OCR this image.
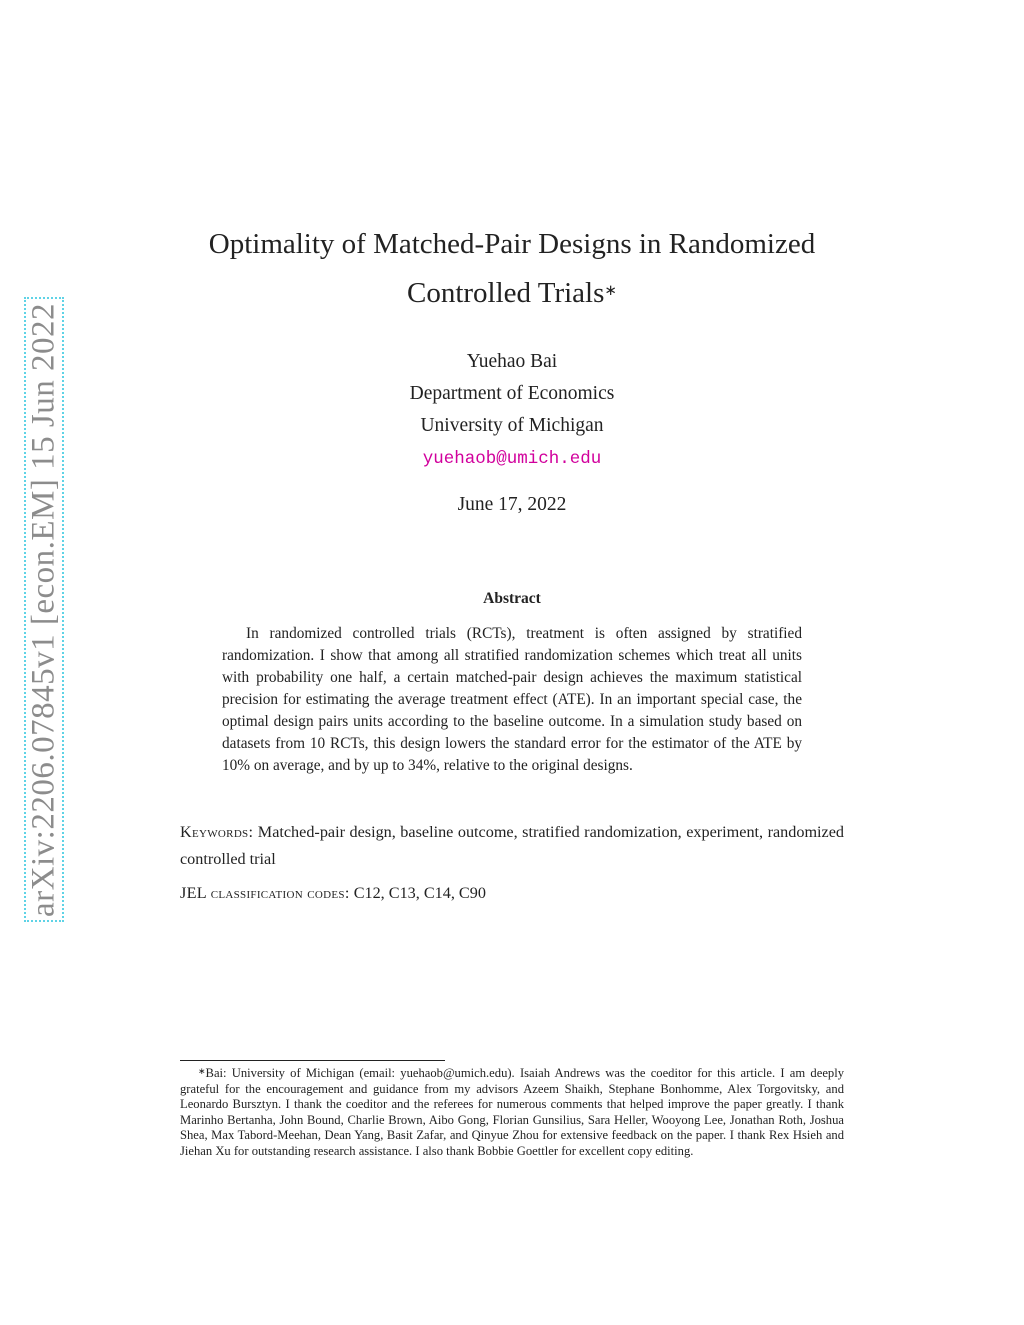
arXiv:2206.07845v1 [econ.EM] 15 Jun 2022
Optimality of Matched-Pair Designs in Randomized
Controlled Trials∗
Yuehao Bai
Department of Economics
University of Michigan
yuehaob@umich.edu
June 17, 2022
Abstract

In randomized controlled trials (RCTs), treatment is often assigned by stratified randomization. I show that among all stratified randomization schemes which treat all units with probability one half, a certain matched-pair design achieves the maximum statistical precision for estimating the average treatment effect (ATE). In an important special case, the optimal design pairs units according to the baseline outcome. In a simulation study based on datasets from 10 RCTs, this design lowers the standard error for the estimator of the ATE by 10% on average, and by up to 34%, relative to the original designs.

Keywords: Matched-pair design, baseline outcome, stratified randomization, experiment, randomized controlled trial

JEL classification codes: C12, C13, C14, C90

∗Bai: University of Michigan (email: yuehaob@umich.edu). Isaiah Andrews was the coeditor for this article. I am deeply grateful for the encouragement and guidance from my advisors Azeem Shaikh, Stephane Bonhomme, Alex Torgovitsky, and Leonardo Bursztyn. I thank the coeditor and the referees for numerous comments that helped improve the paper greatly. I thank Marinho Bertanha, John Bound, Charlie Brown, Aibo Gong, Florian Gunsilius, Sara Heller, Wooyong Lee, Jonathan Roth, Joshua Shea, Max Tabord-Meehan, Dean Yang, Basit Zafar, and Qinyue Zhou for extensive feedback on the paper. I thank Rex Hsieh and Jiehan Xu for outstanding research assistance. I also thank Bobbie Goettler for excellent copy editing.
